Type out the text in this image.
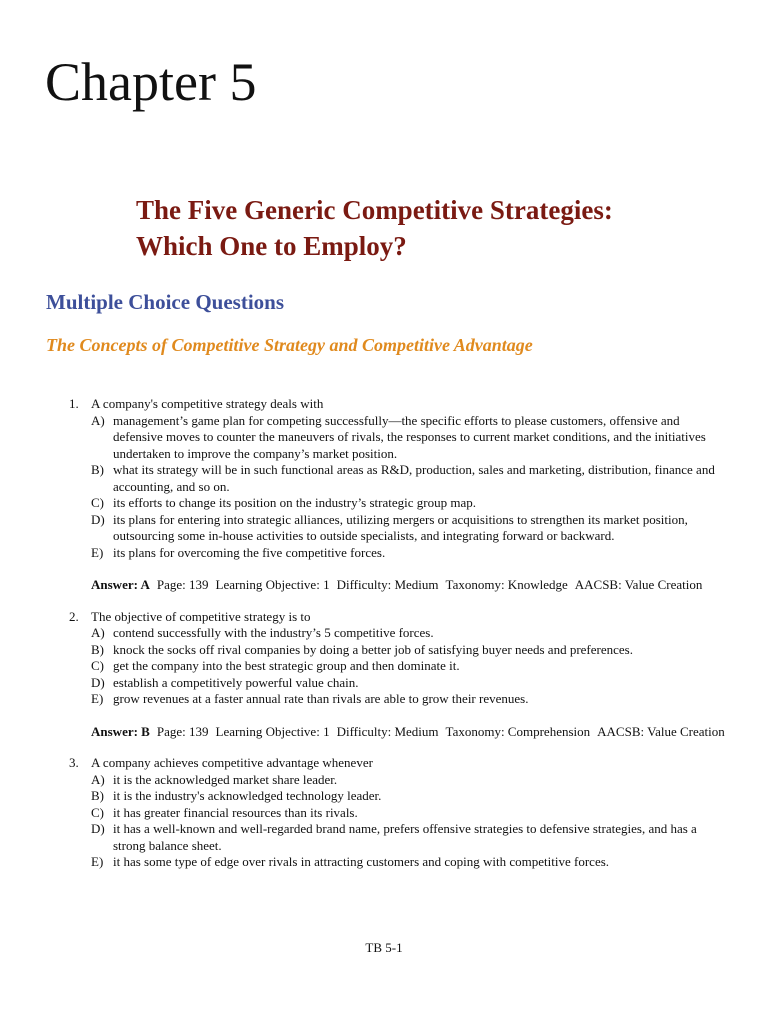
Chapter 5
The Five Generic Competitive Strategies:
Which One to Employ?
Multiple Choice Questions
The Concepts of Competitive Strategy and Competitive Advantage
1. A company's competitive strategy deals with
A) management’s game plan for competing successfully—the specific efforts to please customers, offensive and defensive moves to counter the maneuvers of rivals, the responses to current market conditions, and the initiatives undertaken to improve the company’s market position.
B) what its strategy will be in such functional areas as R&D, production, sales and marketing, distribution, finance and accounting, and so on.
C) its efforts to change its position on the industry’s strategic group map.
D) its plans for entering into strategic alliances, utilizing mergers or acquisitions to strengthen its market position, outsourcing some in-house activities to outside specialists, and integrating forward or backward.
E) its plans for overcoming the five competitive forces.
Answer: A Page: 139 Learning Objective: 1 Difficulty: Medium Taxonomy: Knowledge AACSB: Value Creation
2. The objective of competitive strategy is to
A) contend successfully with the industry’s 5 competitive forces.
B) knock the socks off rival companies by doing a better job of satisfying buyer needs and preferences.
C) get the company into the best strategic group and then dominate it.
D) establish a competitively powerful value chain.
E) grow revenues at a faster annual rate than rivals are able to grow their revenues.
Answer: B Page: 139 Learning Objective: 1 Difficulty: Medium Taxonomy: Comprehension AACSB: Value Creation
3. A company achieves competitive advantage whenever
A) it is the acknowledged market share leader.
B) it is the industry's acknowledged technology leader.
C) it has greater financial resources than its rivals.
D) it has a well-known and well-regarded brand name, prefers offensive strategies to defensive strategies, and has a strong balance sheet.
E) it has some type of edge over rivals in attracting customers and coping with competitive forces.
TB 5-1
